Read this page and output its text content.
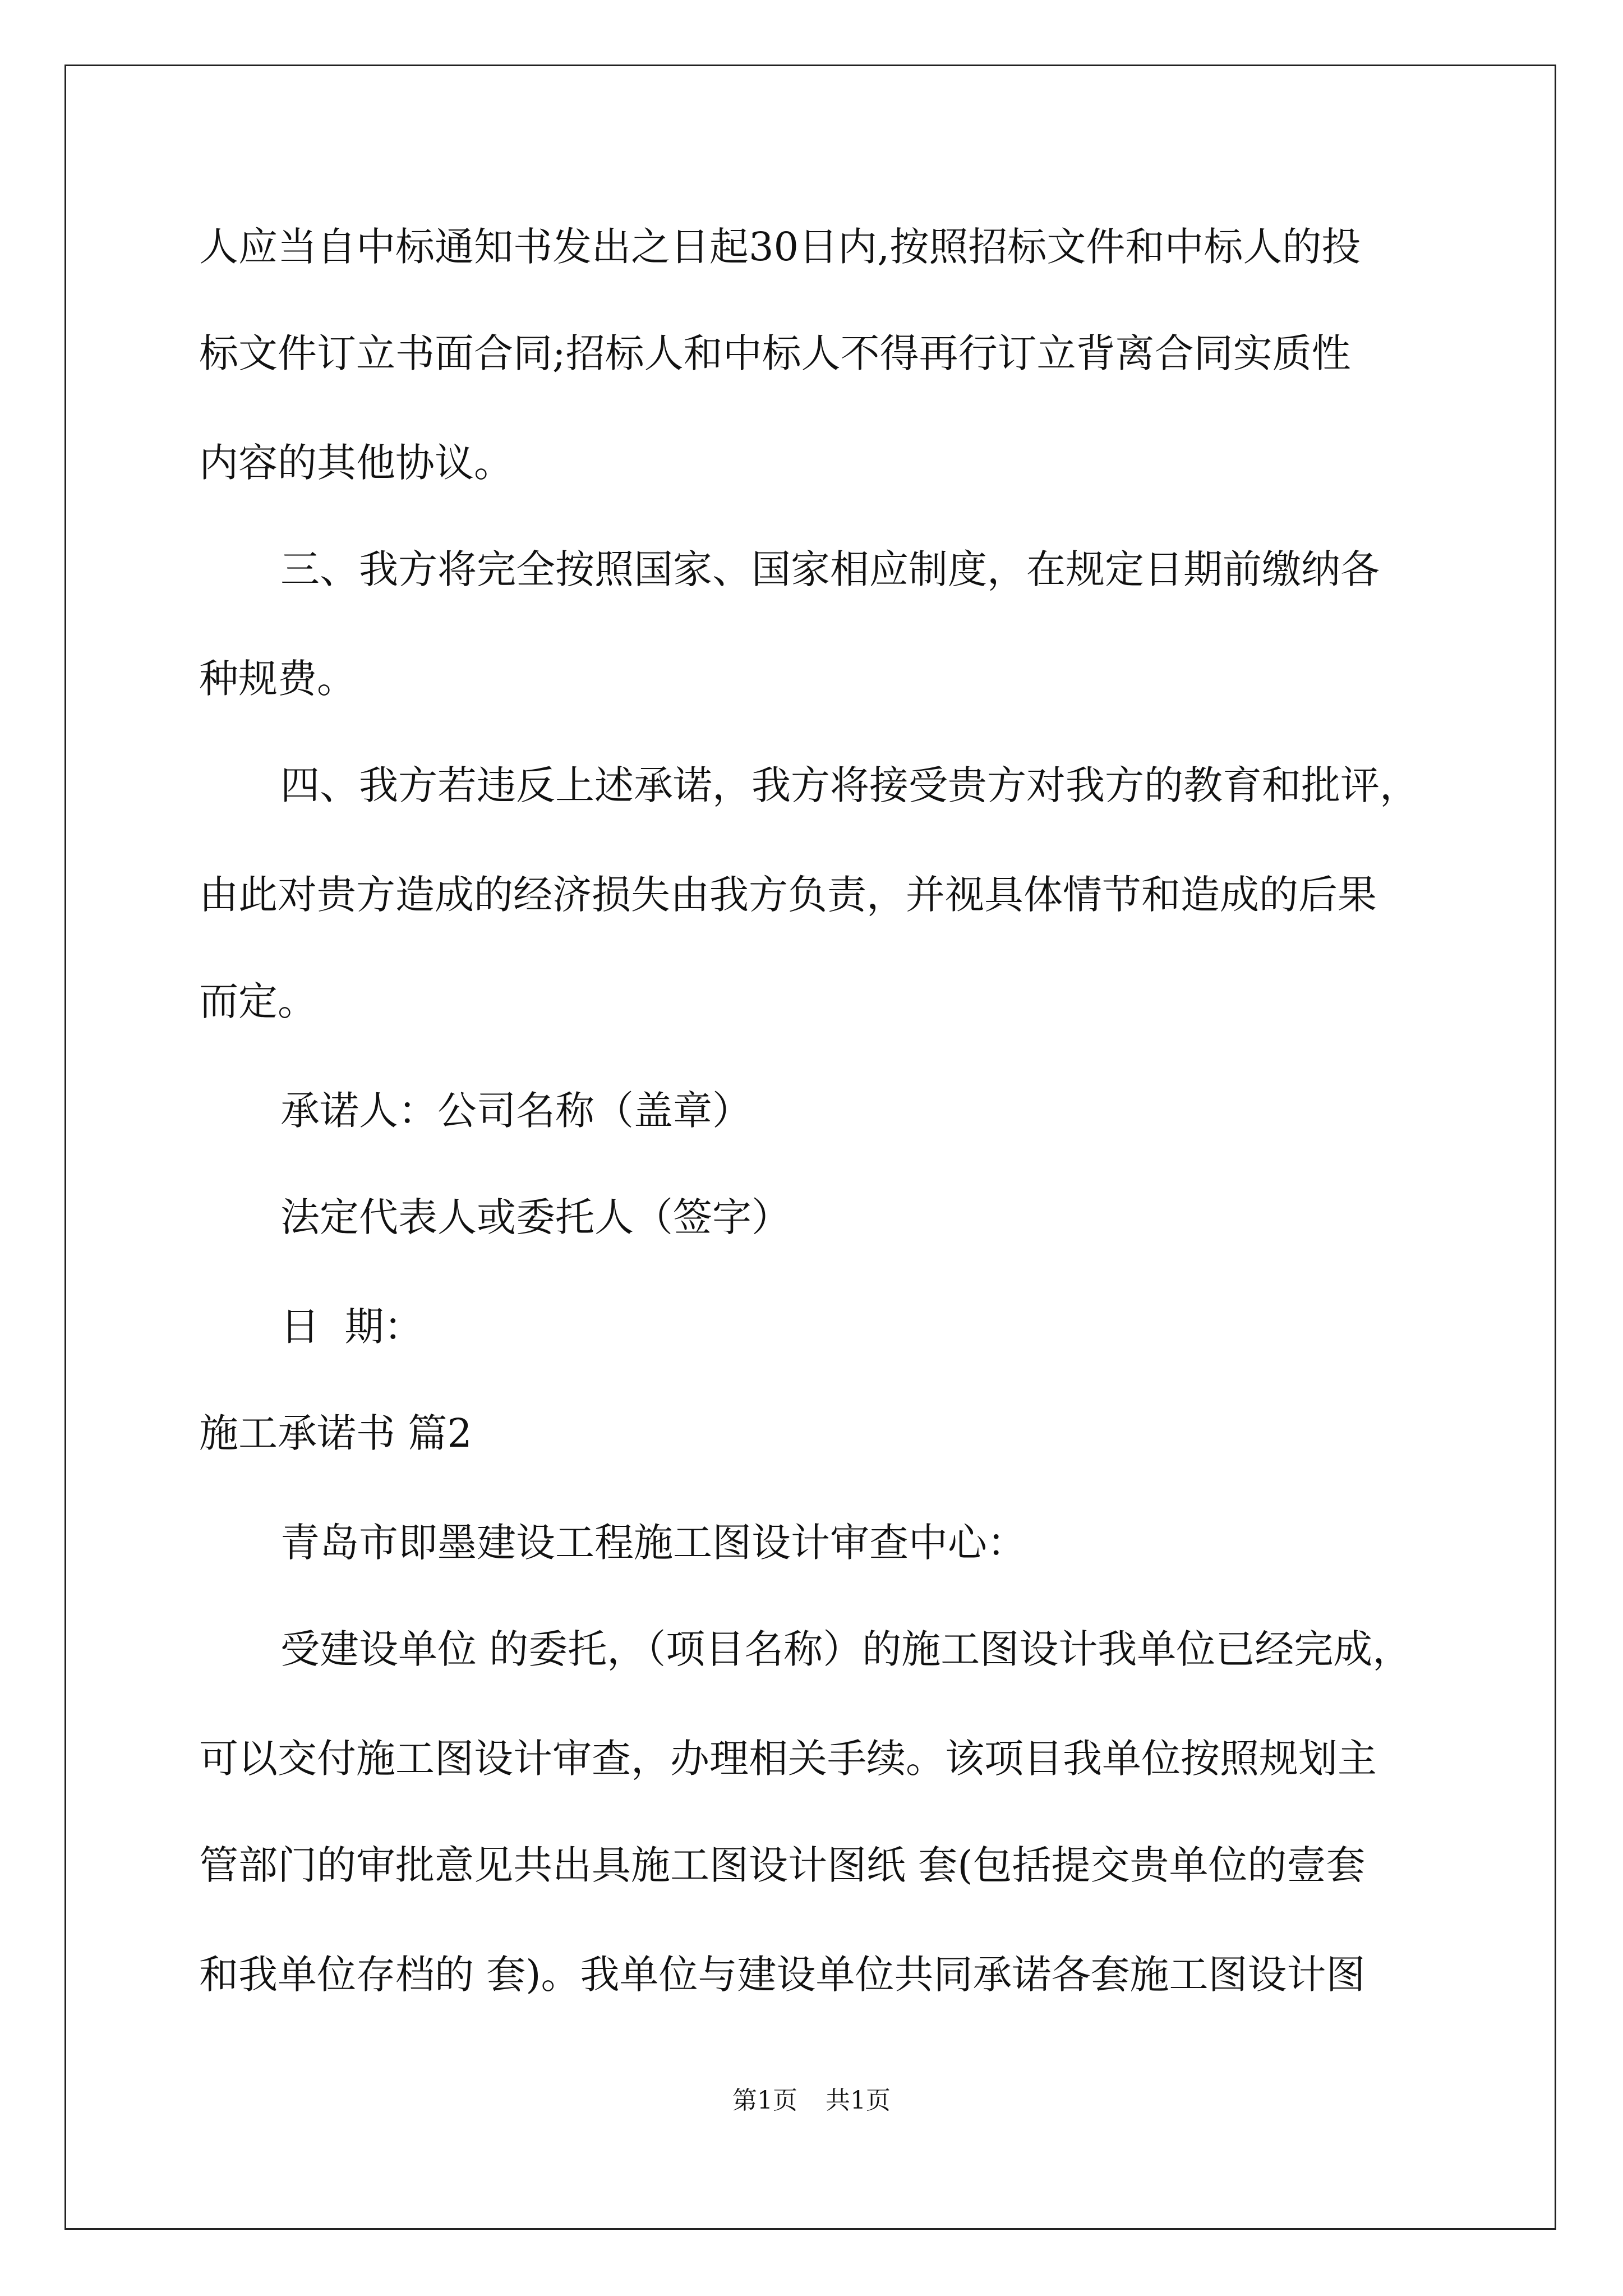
人应当自中标通知书发出之日起30日内,按照招标文件和中标人的投
标文件订立书面合同;招标人和中标人不得再行订立背离合同实质性
内容的其他协议。
三、我方将完全按照国家、国家相应制度，在规定日期前缴纳各
种规费。
四、我方若违反上述承诺，我方将接受贵方对我方的教育和批评，
由此对贵方造成的经济损失由我方负责，并视具体情节和造成的后果
而定。
承诺人：公司名称（盖章）
法定代表人或委托人（签字）
日  期：
施工承诺书 篇2
青岛市即墨建设工程施工图设计审查中心：
受建设单位 的委托，（项目名称）的施工图设计我单位已经完成，
可以交付施工图设计审查，办理相关手续。该项目我单位按照规划主
管部门的审批意见共出具施工图设计图纸 套(包括提交贵单位的壹套
和我单位存档的 套)。我单位与建设单位共同承诺各套施工图设计图
第1页 共1页
